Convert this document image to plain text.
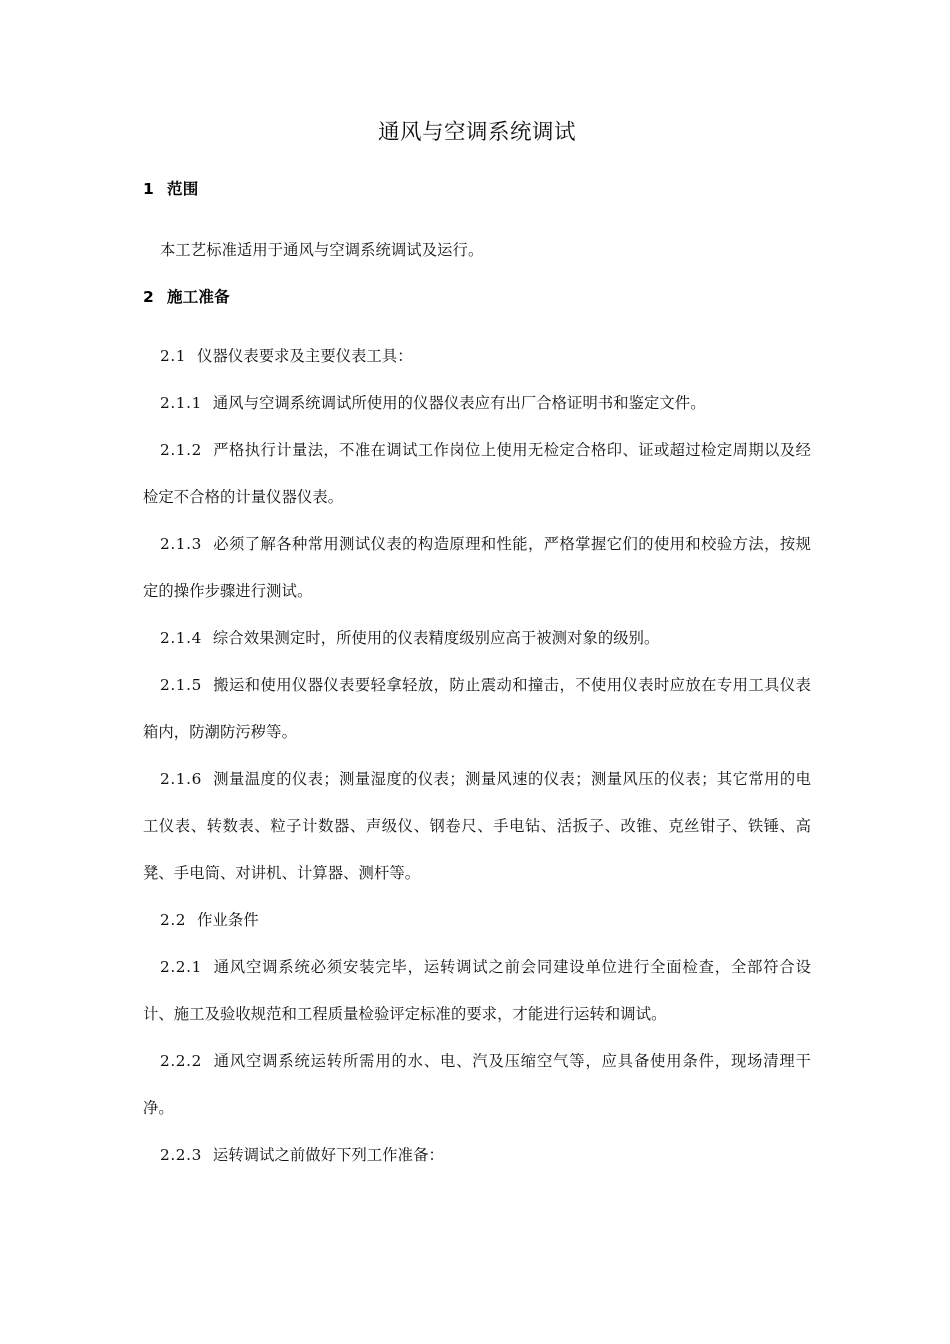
通风与空调系统调试
1 范围

本工艺标准适用于通风与空调系统调试及运行。

2 施工准备

2.1 仪器仪表要求及主要仪表工具：

2.1.1 通风与空调系统调试所使用的仪器仪表应有出厂合格证明书和鉴定文件。

2.1.2 严格执行计量法，不准在调试工作岗位上使用无检定合格印、证或超过检定周期以及经检定不合格的计量仪器仪表。

2.1.3 必须了解各种常用测试仪表的构造原理和性能，严格掌握它们的使用和校验方法，按规定的操作步骤进行测试。

2.1.4 综合效果测定时，所使用的仪表精度级别应高于被测对象的级别。

2.1.5 搬运和使用仪器仪表要轻拿轻放，防止震动和撞击，不使用仪表时应放在专用工具仪表箱内，防潮防污秽等。

2.1.6 测量温度的仪表；测量湿度的仪表；测量风速的仪表；测量风压的仪表；其它常用的电工仪表、转数表、粒子计数器、声级仪、钢卷尺、手电钻、活扳子、改锥、克丝钳子、铁锤、高凳、手电筒、对讲机、计算器、测杆等。

2.2 作业条件

2.2.1 通风空调系统必须安装完毕，运转调试之前会同建设单位进行全面检查，全部符合设计、施工及验收规范和工程质量检验评定标准的要求，才能进行运转和调试。

2.2.2 通风空调系统运转所需用的水、电、汽及压缩空气等，应具备使用条件，现场清理干净。

2.2.3 运转调试之前做好下列工作准备：
